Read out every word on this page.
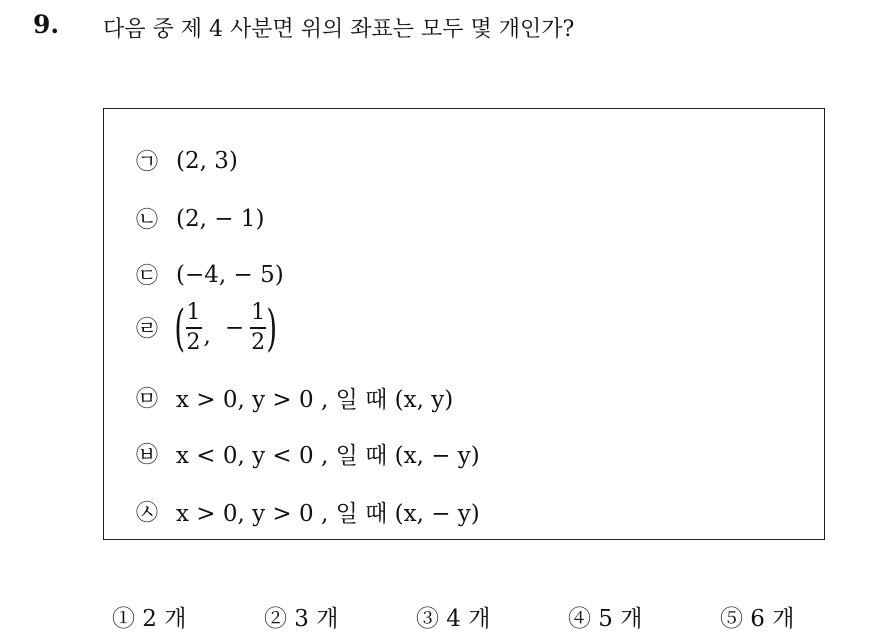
9. 다음 중 제 4 사분면 위의 좌표는 모두 몇 개인가?
㉠ (2, 3)
㉡ (2, − 1)
㉢ (−4, − 5)
㉣ ( $\frac{1}{2}$ , − $\frac{1}{2}$ )
㉤ x > 0, y > 0 , 일 때 (x, y)
㉥ x < 0, y < 0 , 일 때 (x, − y)
㉦ x > 0, y > 0 , 일 때 (x, − y)
① 2 개	② 3 개	③ 4 개	④ 5 개	⑤ 6 개
